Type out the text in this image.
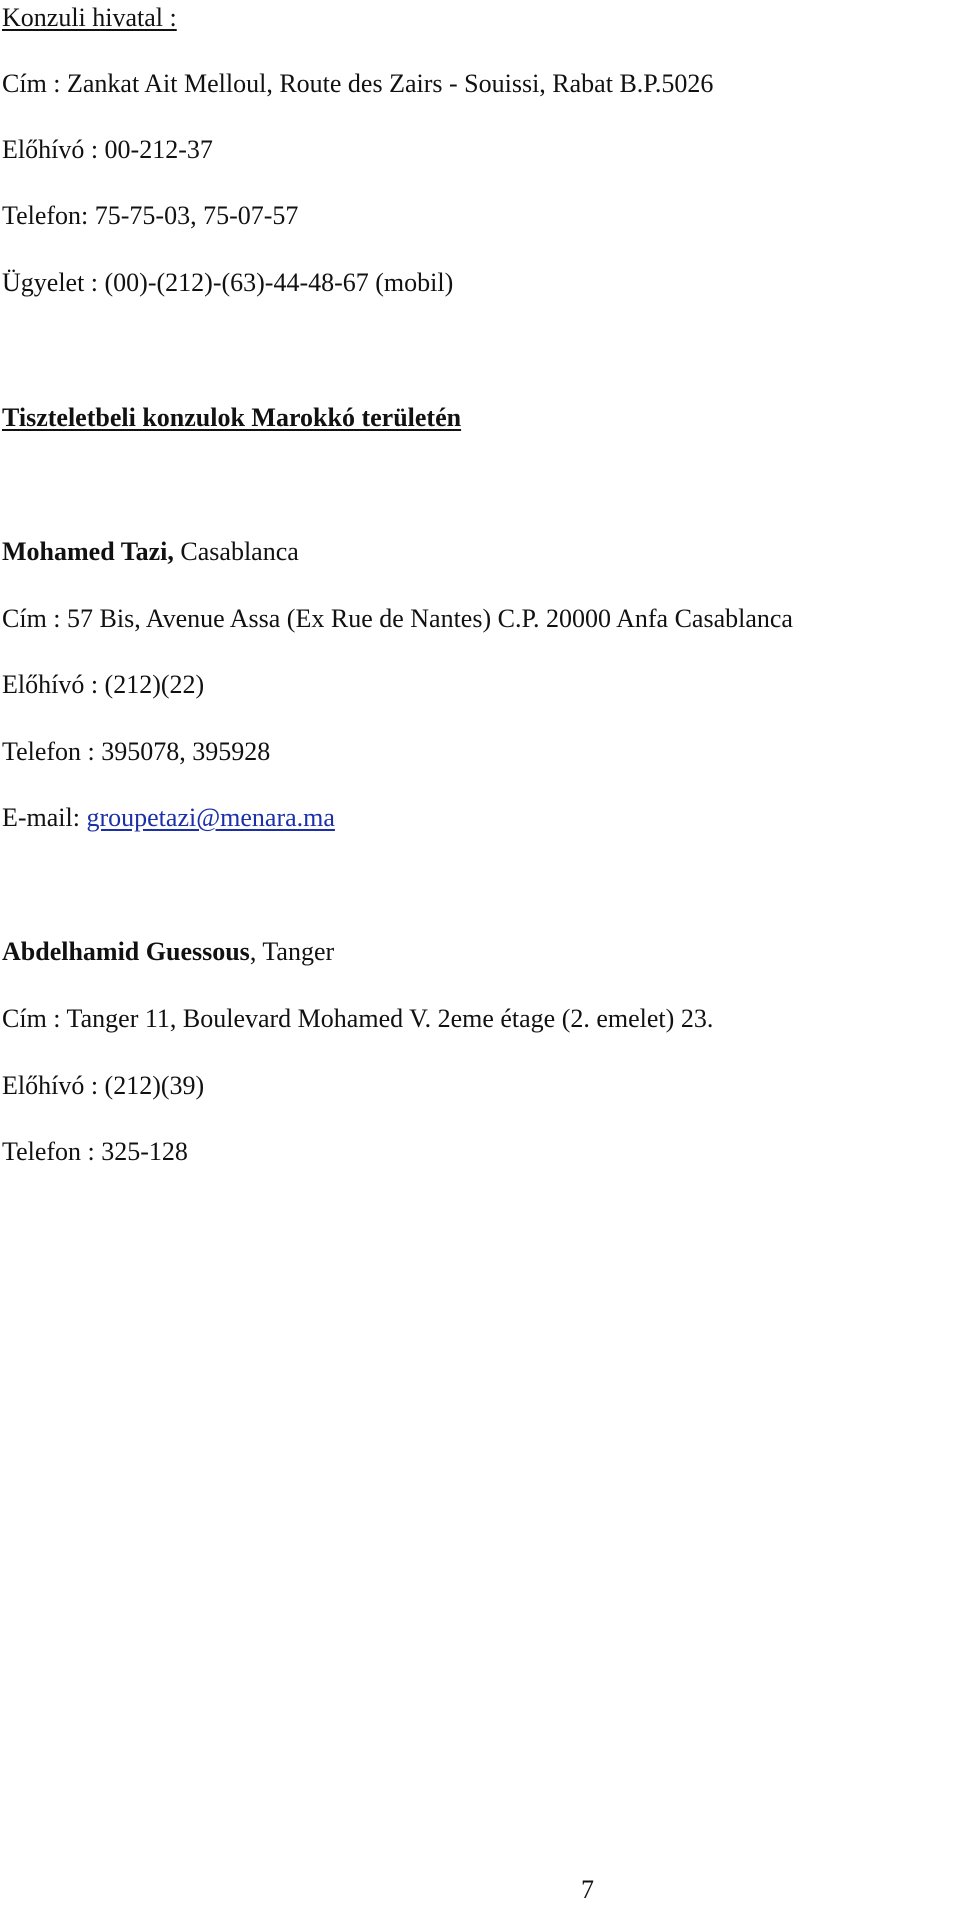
Konzuli hivatal :

Cím : Zankat Ait Melloul, Route des Zairs - Souissi, Rabat B.P.5026

Előhívó : 00-212-37

Telefon: 75-75-03, 75-07-57

Ügyelet : (00)-(212)-(63)-44-48-67 (mobil)

Tiszteletbeli konzulok Marokkó területén

Mohamed Tazi, Casablanca

Cím : 57 Bis, Avenue Assa (Ex Rue de Nantes) C.P. 20000 Anfa Casablanca

Előhívó : (212)(22)

Telefon : 395078, 395928

E-mail: groupetazi@menara.ma

Abdelhamid Guessous, Tanger

Cím : Tanger 11, Boulevard Mohamed V. 2eme étage (2. emelet) 23.

Előhívó : (212)(39)

Telefon : 325-128

7
